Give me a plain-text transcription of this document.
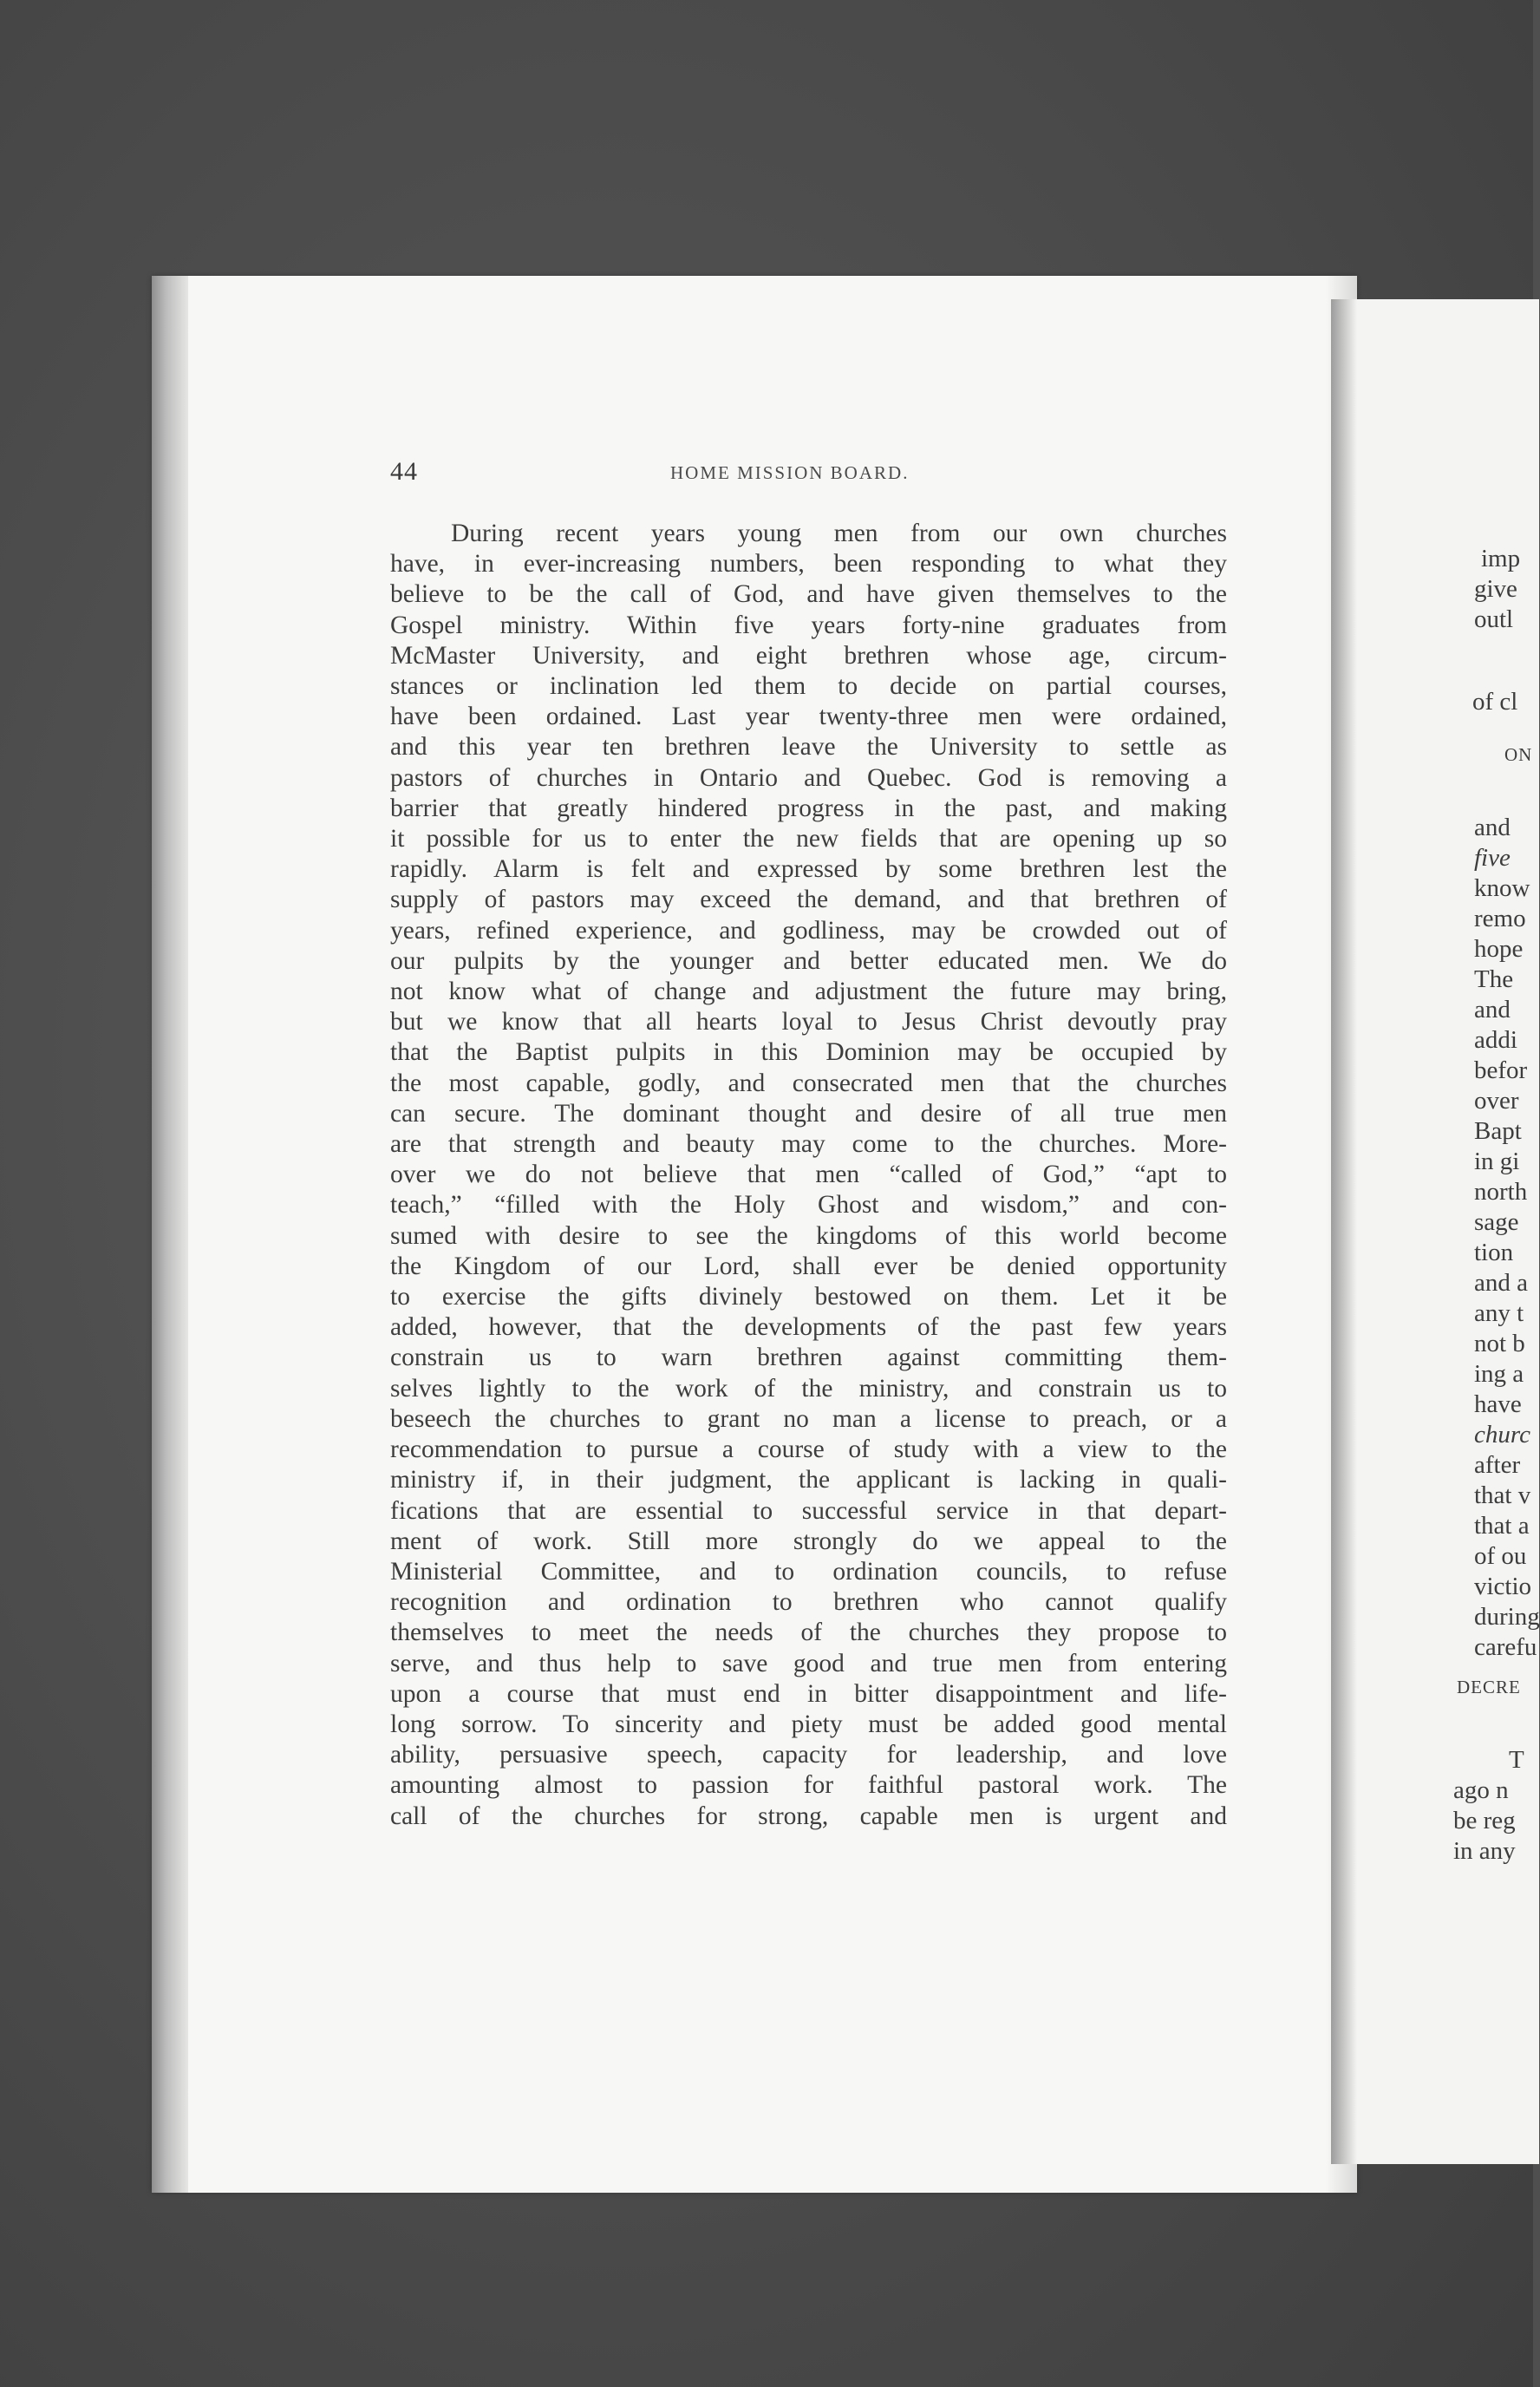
44	HOME MISSION BOARD.
During recent years young men from our own churches
have, in ever-increasing numbers, been responding to what they
believe to be the call of God, and have given themselves to the
Gospel ministry. Within five years forty-nine graduates from
McMaster University, and eight brethren whose age, circum-
stances or inclination led them to decide on partial courses,
have been ordained. Last year twenty-three men were ordained,
and this year ten brethren leave the University to settle as
pastors of churches in Ontario and Quebec. God is removing a
barrier that greatly hindered progress in the past, and making
it possible for us to enter the new fields that are opening up so
rapidly. Alarm is felt and expressed by some brethren lest the
supply of pastors may exceed the demand, and that brethren of
years, refined experience, and godliness, may be crowded out of
our pulpits by the younger and better educated men. We do
not know what of change and adjustment the future may bring,
but we know that all hearts loyal to Jesus Christ devoutly pray
that the Baptist pulpits in this Dominion may be occupied by
the most capable, godly, and consecrated men that the churches
can secure. The dominant thought and desire of all true men
are that strength and beauty may come to the churches. More-
over we do not believe that men “called of God,” “apt to
teach,” “filled with the Holy Ghost and wisdom,” and con-
sumed with desire to see the kingdoms of this world become
the Kingdom of our Lord, shall ever be denied opportunity
to exercise the gifts divinely bestowed on them. Let it be
added, however, that the developments of the past few years
constrain us to warn brethren against committing them-
selves lightly to the work of the ministry, and constrain us to
beseech the churches to grant no man a license to preach, or a
recommendation to pursue a course of study with a view to the
ministry if, in their judgment, the applicant is lacking in quali-
fications that are essential to successful service in that depart-
ment of work. Still more strongly do we appeal to the
Ministerial Committee, and to ordination councils, to refuse
recognition and ordination to brethren who cannot qualify
themselves to meet the needs of the churches they propose to
serve, and thus help to save good and true men from entering
upon a course that must end in bitter disappointment and life-
long sorrow. To sincerity and piety must be added good mental
ability, persuasive speech, capacity for leadership, and love
amounting almost to passion for faithful pastoral work. The
call of the churches for strong, capable men is urgent and
imp
give
outl
of cl
ON
and
five
know
remo
hope
The
and
addi
befor
over
Bapt
in gi
north
sage
tion
and a
any t
not b
ing a
have
churc
after
that v
that a
of ou
victio
during
carefu
DECRE
T
ago n
be reg
in any
